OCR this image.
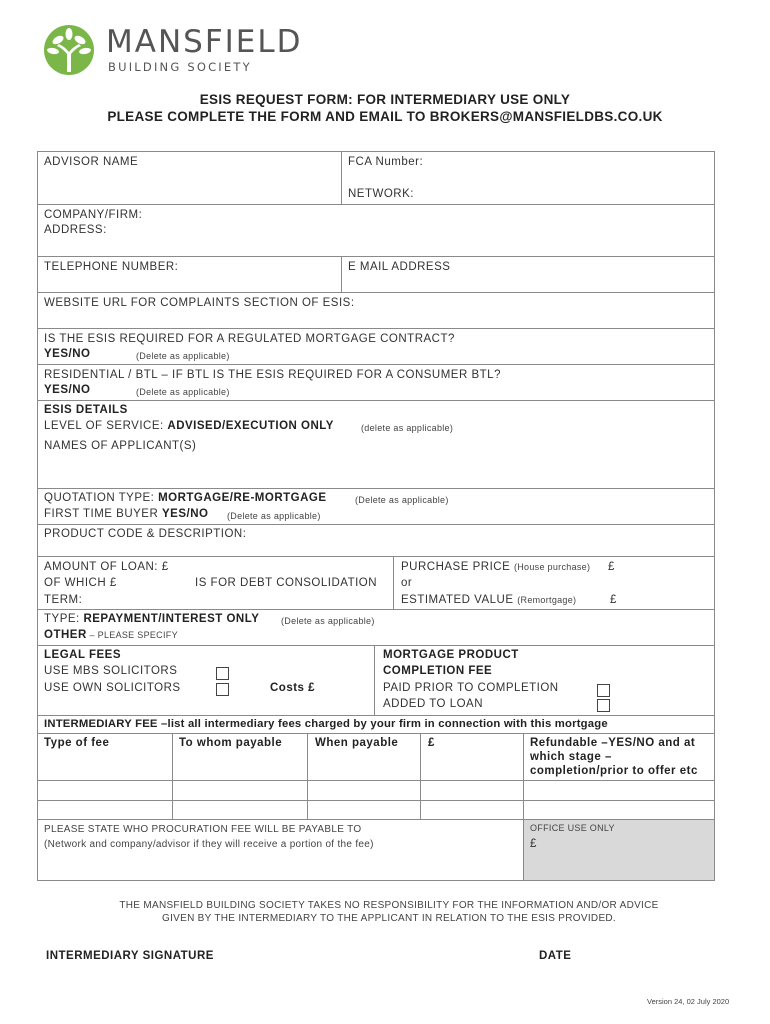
MANSFIELD
BUILDING SOCIETY
ESIS REQUEST FORM: FOR INTERMEDIARY USE ONLY
PLEASE COMPLETE THE FORM AND EMAIL TO BROKERS@MANSFIELDBS.CO.UK
ADVISOR NAME	FCA Number:
NETWORK:
COMPANY/FIRM:
ADDRESS:
TELEPHONE NUMBER:	E MAIL ADDRESS
WEBSITE URL FOR COMPLAINTS SECTION OF ESIS:
IS THE ESIS REQUIRED FOR A REGULATED MORTGAGE CONTRACT?
YES/NO	(Delete as applicable)
RESIDENTIAL / BTL – IF BTL IS THE ESIS REQUIRED FOR A CONSUMER BTL?
YES/NO	(Delete as applicable)
ESIS DETAILS
LEVEL OF SERVICE: ADVISED/EXECUTION ONLY	(delete as applicable)
NAMES OF APPLICANT(S)
QUOTATION TYPE: MORTGAGE/RE-MORTGAGE	(Delete as applicable)
FIRST TIME BUYER YES/NO (Delete as applicable)
PRODUCT CODE & DESCRIPTION:
AMOUNT OF LOAN: £
OF WHICH £	IS FOR DEBT CONSOLIDATION
TERM:
PURCHASE PRICE (House purchase) £
or
ESTIMATED VALUE (Remortgage)	£
TYPE: REPAYMENT/INTEREST ONLY (Delete as applicable)
OTHER – PLEASE SPECIFY
LEGAL FEES
USE MBS SOLICITORS
USE OWN SOLICITORS	Costs £
MORTGAGE PRODUCT
COMPLETION FEE
PAID PRIOR TO COMPLETION
ADDED TO LOAN
INTERMEDIARY FEE –list all intermediary fees charged by your firm in connection with this mortgage
Type of fee	To whom payable	When payable	£	Refundable –YES/NO and at
which stage –
completion/prior to offer etc
PLEASE STATE WHO PROCURATION FEE WILL BE PAYABLE TO
(Network and company/advisor if they will receive a portion of the fee)
OFFICE USE ONLY
£
THE MANSFIELD BUILDING SOCIETY TAKES NO RESPONSIBILITY FOR THE INFORMATION AND/OR ADVICE
GIVEN BY THE INTERMEDIARY TO THE APPLICANT IN RELATION TO THE ESIS PROVIDED.
INTERMEDIARY SIGNATURE	DATE
Version 24, 02 July 2020
